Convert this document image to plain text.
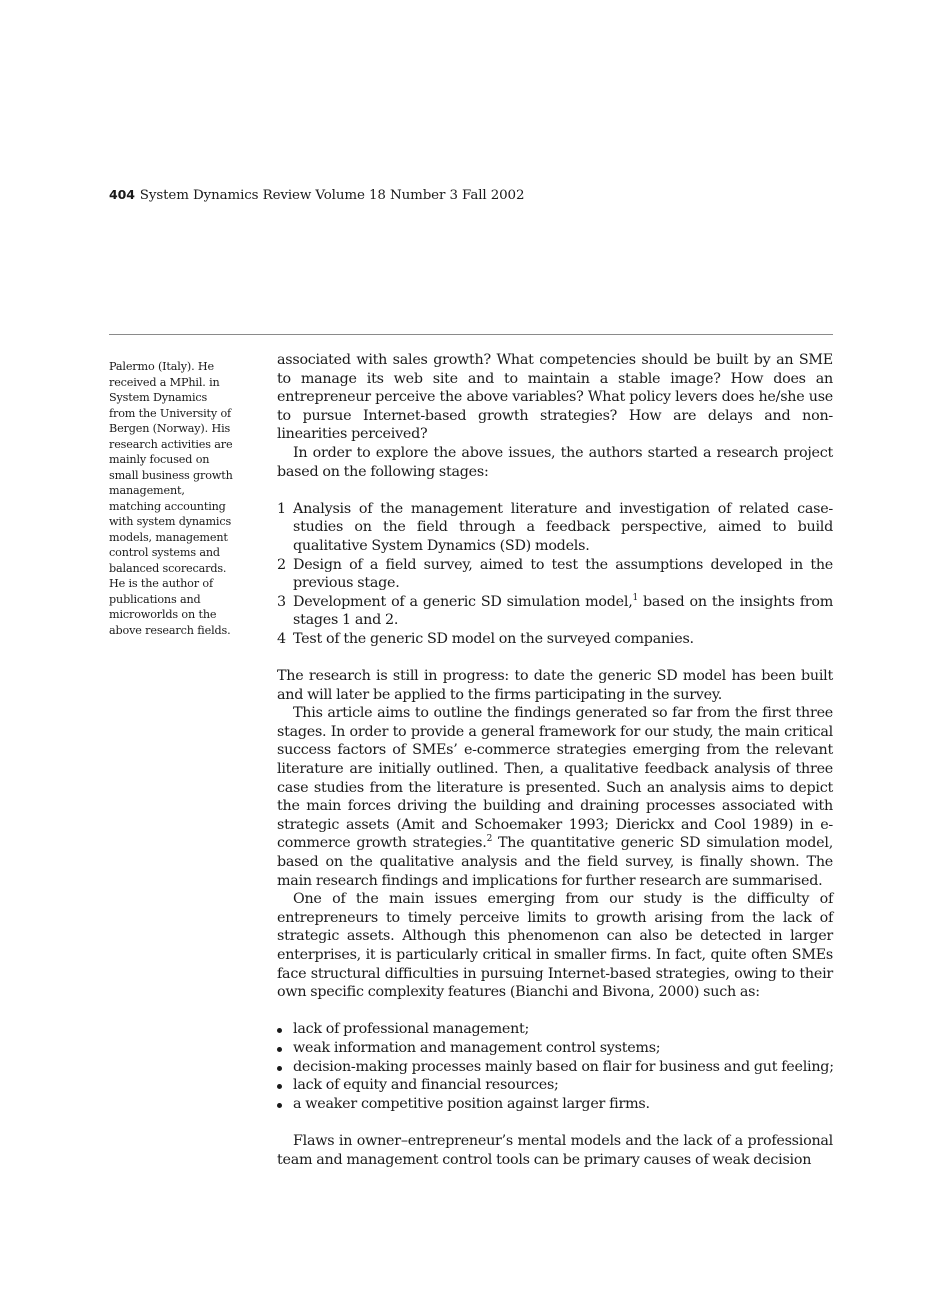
404 System Dynamics Review Volume 18 Number 3 Fall 2002
Palermo (Italy). He
received a MPhil. in
System Dynamics
from the University of
Bergen (Norway). His
research activities are
mainly focused on
small business growth
management,
matching accounting
with system dynamics
models, management
control systems and
balanced scorecards.
He is the author of
publications and
microworlds on the
above research fields.

associated with sales growth? What competencies should be built by an SME to manage its web site and to maintain a stable image? How does an entrepreneur perceive the above variables? What policy levers does he/she use to pursue Internet-based growth strategies? How are delays and non-linearities perceived?

In order to explore the above issues, the authors started a research project based on the following stages:

1 Analysis of the management literature and investigation of related case-studies on the field through a feedback perspective, aimed to build qualitative System Dynamics (SD) models.
2 Design of a field survey, aimed to test the assumptions developed in the previous stage.
3 Development of a generic SD simulation model,$^1$ based on the insights from stages 1 and 2.
4 Test of the generic SD model on the surveyed companies.

The research is still in progress: to date the generic SD model has been built and will later be applied to the firms participating in the survey.

This article aims to outline the findings generated so far from the first three stages. In order to provide a general framework for our study, the main critical success factors of SMEs’ e-commerce strategies emerging from the relevant literature are initially outlined. Then, a qualitative feedback analysis of three case studies from the literature is presented. Such an analysis aims to depict the main forces driving the building and draining processes associated with strategic assets (Amit and Schoemaker 1993; Dierickx and Cool 1989) in e-commerce growth strategies.$^2$ The quantitative generic SD simulation model, based on the qualitative analysis and the field survey, is finally shown. The main research findings and implications for further research are summarised.

One of the main issues emerging from our study is the difficulty of entrepreneurs to timely perceive limits to growth arising from the lack of strategic assets. Although this phenomenon can also be detected in larger enterprises, it is particularly critical in smaller firms. In fact, quite often SMEs face structural difficulties in pursuing Internet-based strategies, owing to their own specific complexity features (Bianchi and Bivona, 2000) such as:

lack of professional management;
weak information and management control systems;
decision-making processes mainly based on flair for business and gut feeling;
lack of equity and financial resources;
a weaker competitive position against larger firms.

Flaws in owner–entrepreneur’s mental models and the lack of a professional team and management control tools can be primary causes of weak decision
